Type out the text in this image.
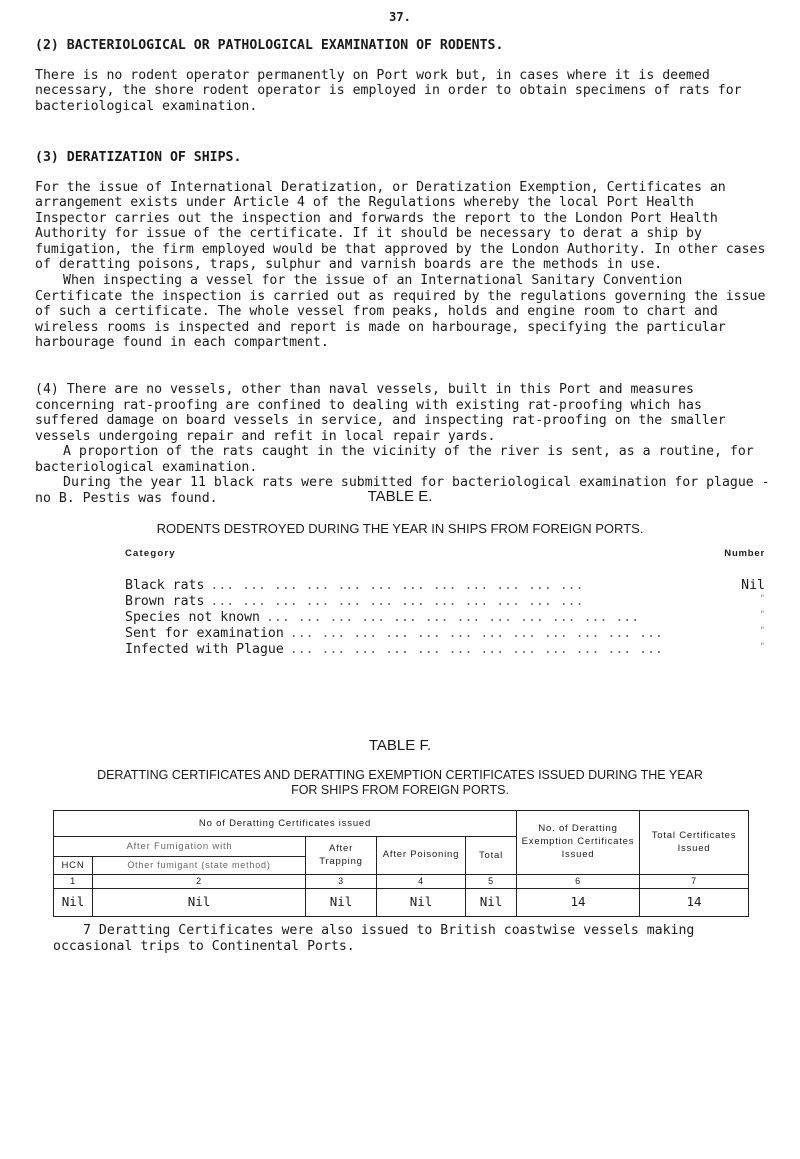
37.

(2) BACTERIOLOGICAL OR PATHOLOGICAL EXAMINATION OF RODENTS.

There is no rodent operator permanently on Port work but, in cases where it is deemed necessary, the shore rodent operator is employed in order to obtain specimens of rats for bacteriological examination.

(3) DERATIZATION OF SHIPS.

For the issue of International Deratization, or Deratization Exemption, Certificates an arrangement exists under Article 4 of the Regulations whereby the local Port Health Inspector carries out the inspection and forwards the report to the London Port Health Authority for issue of the certificate. If it should be necessary to derat a ship by fumigation, the firm employed would be that approved by the London Authority. In other cases of deratting poisons, traps, sulphur and varnish boards are the methods in use.

When inspecting a vessel for the issue of an International Sanitary Convention Certificate the inspection is carried out as required by the regulations governing the issue of such a certificate. The whole vessel from peaks, holds and engine room to chart and wireless rooms is inspected and report is made on harbourage, specifying the particular harbourage found in each compartment.

(4) There are no vessels, other than naval vessels, built in this Port and measures concerning rat-proofing are confined to dealing with existing rat-proofing which has suffered damage on board vessels in service, and inspecting rat-proofing on the smaller vessels undergoing repair and refit in local repair yards.

A proportion of the rats caught in the vicinity of the river is sent, as a routine, for bacteriological examination.

During the year 11 black rats were submitted for bacteriological examination for plague - no B. Pestis was found.	TABLE E.
RODENTS DESTROYED DURING THE YEAR IN SHIPS FROM FOREIGN PORTS.
Category	Number
Black rats ... ... ... ... ... ... ... ... ... ... ... ...	Nil
Brown rats ... ... ... ... ... ... ... ... ... ... ... ...	"
Species not known ... ... ... ... ... ... ... ... ... ... ... ...	"
Sent for examination ... ... ... ... ... ... ... ... ... ... ... ...	"
Infected with Plague ... ... ... ... ... ... ... ... ... ... ... ...	"
TABLE F.
DERATTING CERTIFICATES AND DERATTING EXEMPTION CERTIFICATES ISSUED DURING THE YEAR
FOR SHIPS FROM FOREIGN PORTS.
No of Deratting Certificates issued					No. of Deratting Exemption Certificates Issued	Total Certificates Issued
After Fumigation with		After Trapping	After Poisoning	Total		
HCN	Other fumigant (state method)					
1	2	3	4	5	6	7
Nil	Nil	Nil	Nil	Nil	14	14
7 Deratting Certificates were also issued to British coastwise vessels making occasional trips to Continental Ports.
